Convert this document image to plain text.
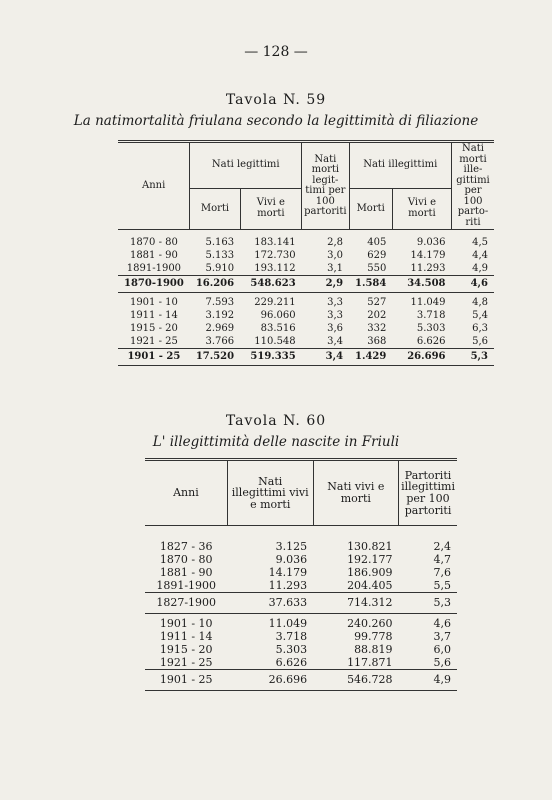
— 128 —
Tavola N. 59
La natimortalità friulana secondo la legittimità di filiazione
Anni	Nati legittimi		Nati morti legit- timi per 100 partoriti	Nati illegittimi		Nati morti ille- gittimi per 100 parto- riti
	Morti	Vivi e morti		Morti	Vivi e morti	

1870 - 80	5.163	183.141	2,8	405	9.036	4,5
1881 - 90	5.133	172.730	3,0	629	14.179	4,4
1891-1900	5.910	193.112	3,1	550	11.293	4,9
1870-1900	16.206	548.623	2,9	1.584	34.508	4,6

1901 - 10	7.593	229.211	3,3	527	11.049	4,8
1911 - 14	3.192	96.060	3,3	202	3.718	5,4
1915 - 20	2.969	83.516	3,6	332	5.303	6,3
1921 - 25	3.766	110.548	3,4	368	6.626	5,6
1901 - 25	17.520	519.335	3,4	1.429	26.696	5,3
Tavola N. 60
L' illegittimità delle nascite in Friuli
Anni	Nati illegittimi vivi e morti	Nati vivi e morti	Partoriti illegittimi per 100 partoriti

1827 - 36	3.125	130.821	2,4
1870 - 80	9.036	192.177	4,7
1881 - 90	14.179	186.909	7,6
1891-1900	11.293	204.405	5,5
1827-1900	37.633	714.312	5,3

1901 - 10	11.049	240.260	4,6
1911 - 14	3.718	99.778	3,7
1915 - 20	5.303	88.819	6,0
1921 - 25	6.626	117.871	5,6
1901 - 25	26.696	546.728	4,9
